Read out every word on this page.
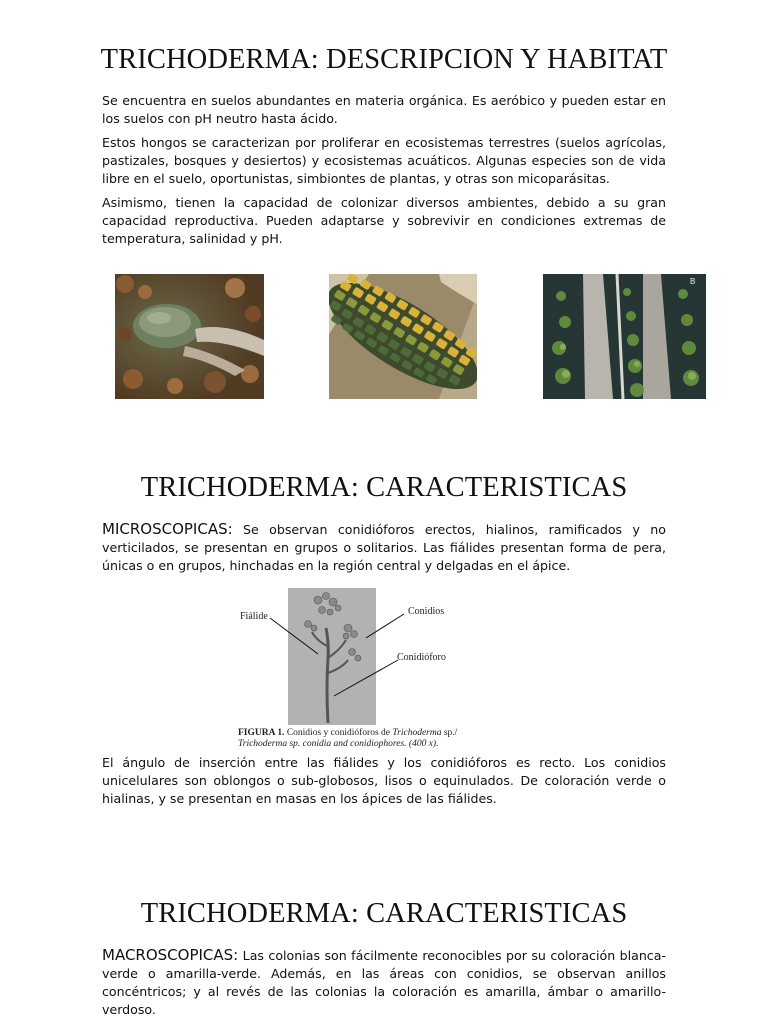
TRICHODERMA: DESCRIPCION Y HABITAT

Se encuentra en suelos abundantes en materia orgánica. Es aeróbico y pueden estar en los suelos con pH neutro hasta ácido.

Estos hongos se caracterizan por proliferar en ecosistemas terrestres (suelos agrícolas, pastizales, bosques y desiertos) y ecosistemas acuáticos. Algunas especies son de vida libre en el suelo, oportunistas, simbiontes de plantas, y otras son micoparásitas.

Asimismo, tienen la capacidad de colonizar diversos ambientes, debido a su gran capacidad reproductiva. Pueden adaptarse y sobrevivir en condiciones extremas de temperatura, salinidad y pH.

B
TRICHODERMA: CARACTERISTICAS

MICROSCOPICAS: Se observan conidióforos erectos, hialinos, ramificados y no verticilados, se presentan en grupos o solitarios. Las fiálides presentan forma de pera, únicas o en grupos, hinchadas en la región central y delgadas en el ápice.

Fiálide	Conidios
Conidióforo
FIGURA 1. Conidios y conidióforos de Trichoderma sp./
Trichoderma sp. conidia and conidiophores. (400 x).

El ángulo de inserción entre las fiálides y los conidióforos es recto. Los conidios unicelulares son oblongos o sub-globosos, lisos o equinulados. De coloración verde o hialinas, y se presentan en masas en los ápices de las fiálides.

TRICHODERMA: CARACTERISTICAS

MACROSCOPICAS: Las colonias son fácilmente reconocibles por su coloración blanca-verde o amarilla-verde. Además, en las áreas con conidios, se observan anillos concéntricos; y al revés de las colonias la coloración es amarilla, ámbar o amarillo-verdoso.
